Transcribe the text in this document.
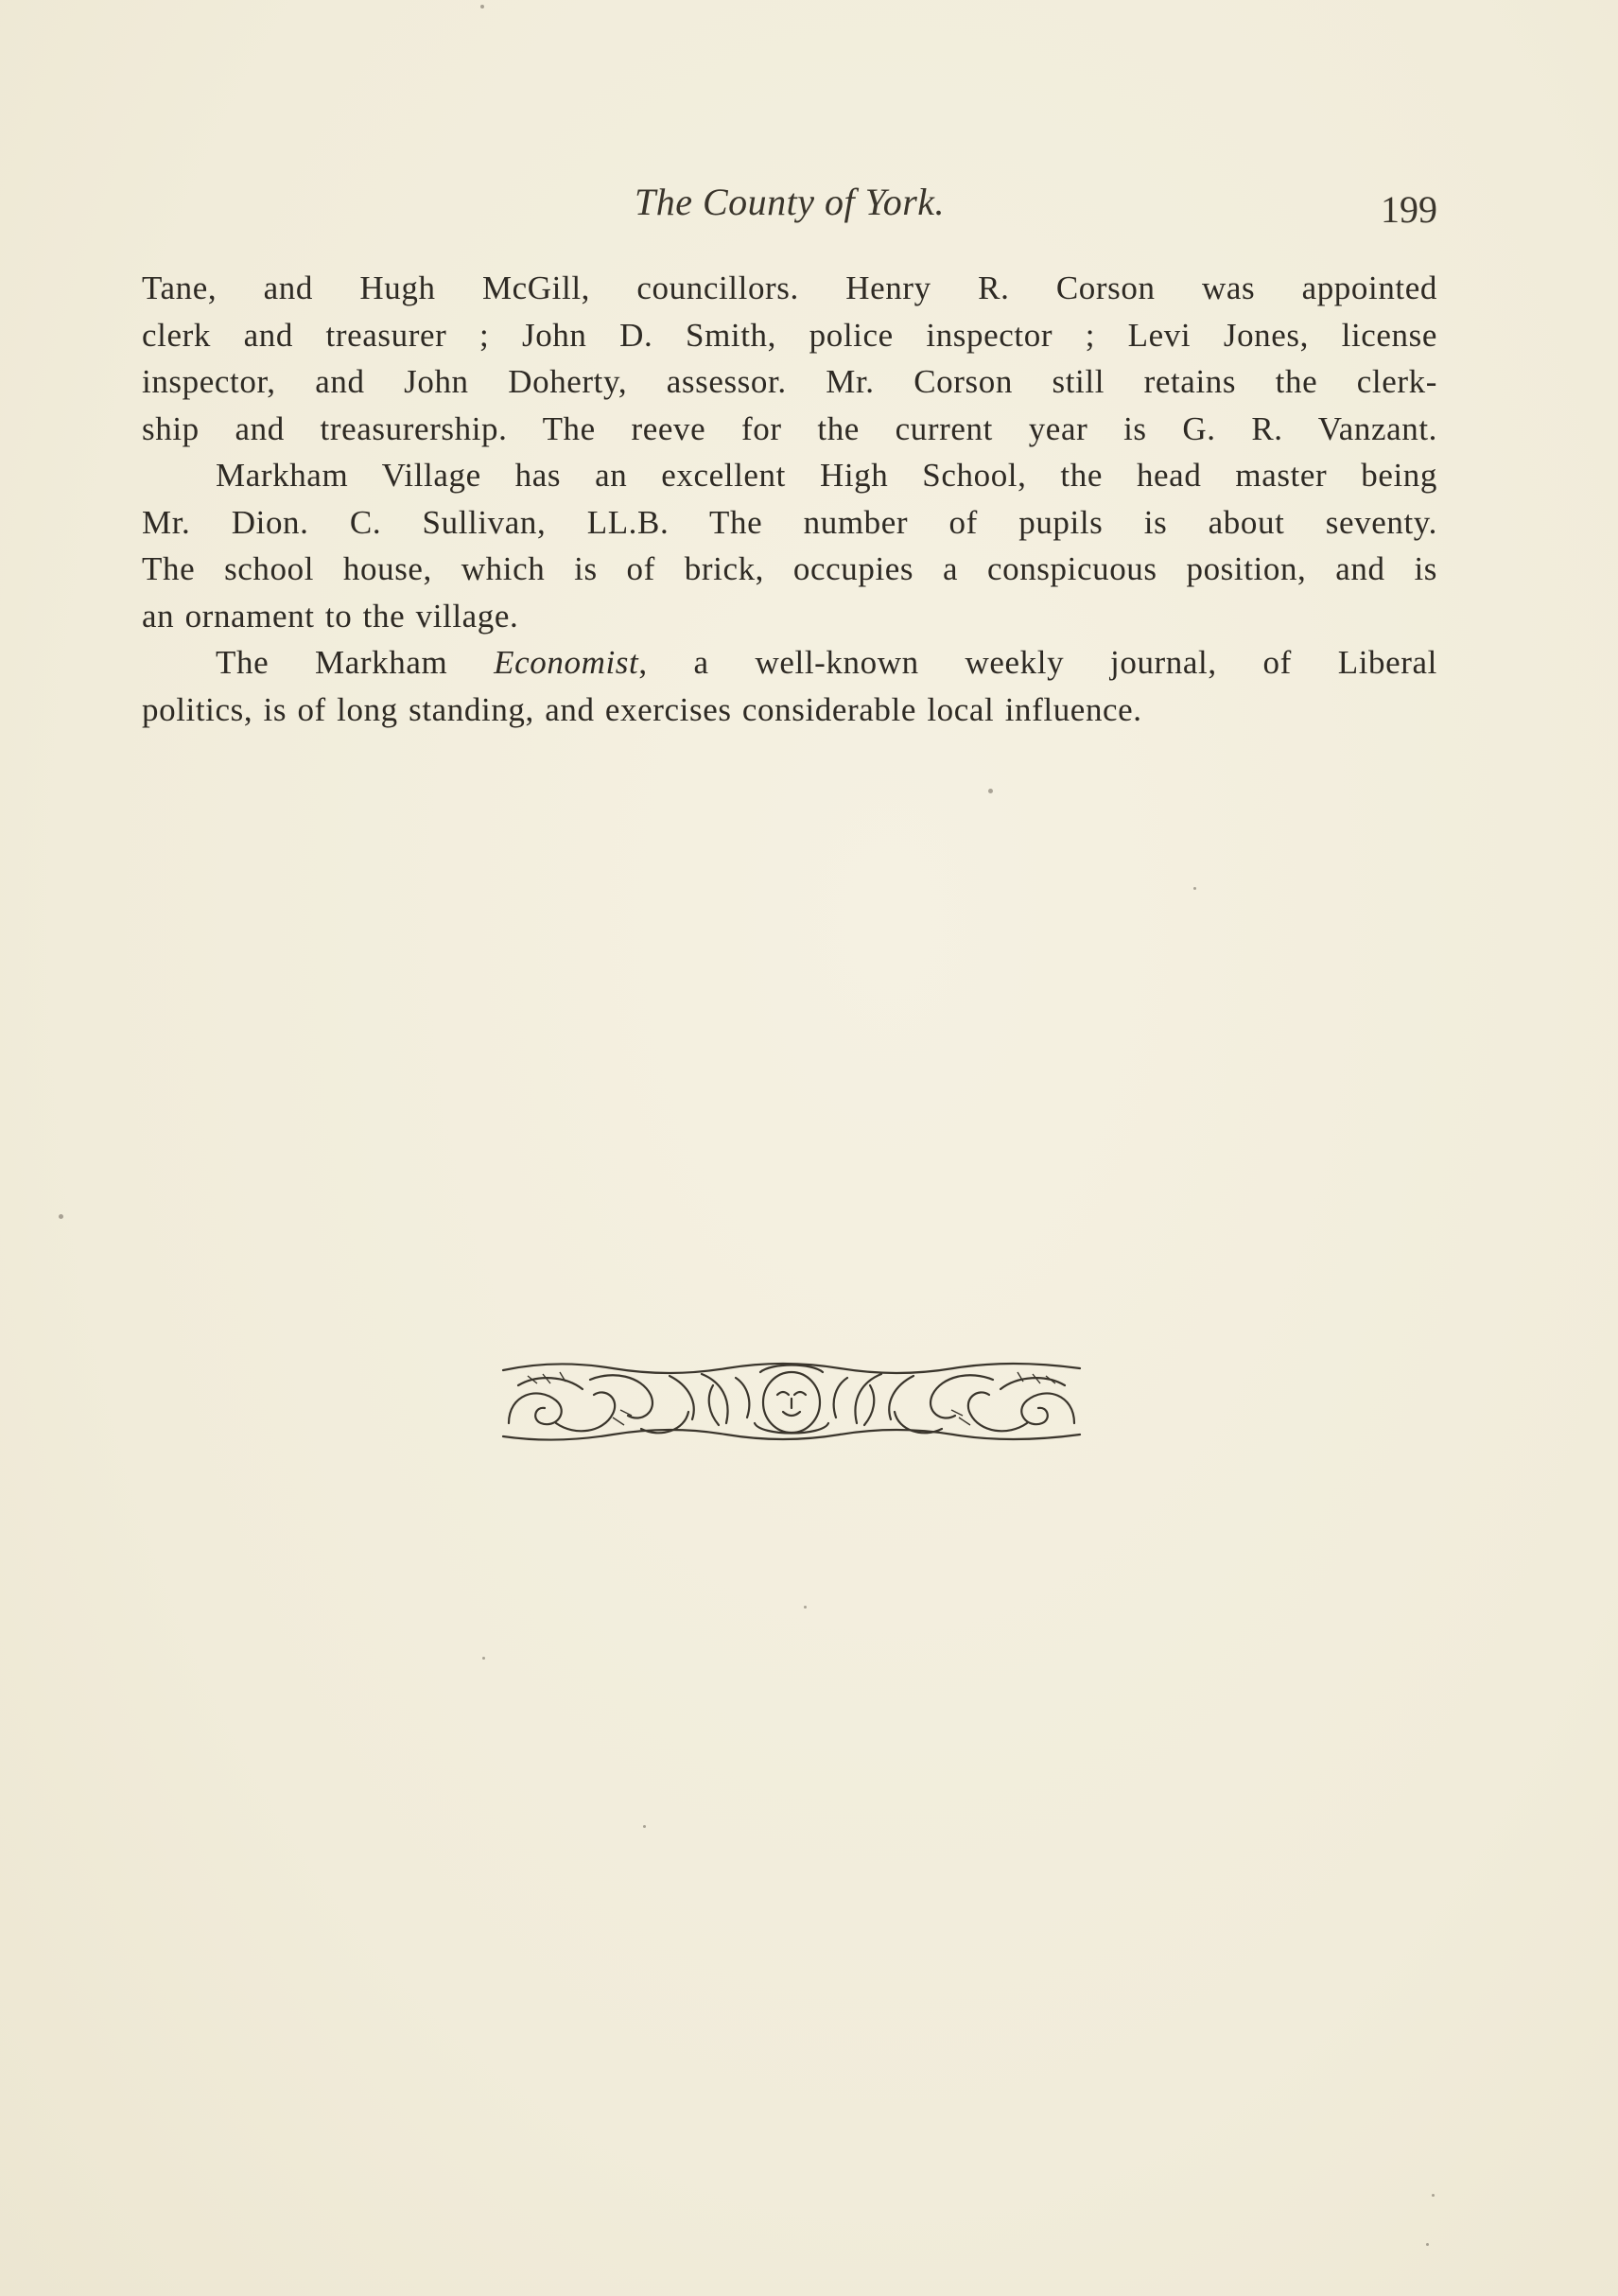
The County of York.	199

Tane, and Hugh McGill, councillors. Henry R. Corson was appointed

clerk and treasurer ; John D. Smith, police inspector ; Levi Jones, license

inspector, and John Doherty, assessor. Mr. Corson still retains the clerk-

ship and treasurership. The reeve for the current year is G. R. Vanzant.

Markham Village has an excellent High School, the head master being

Mr. Dion. C. Sullivan, LL.B. The number of pupils is about seventy.

The school house, which is of brick, occupies a conspicuous position, and is

an ornament to the village.

The Markham Economist, a well-known weekly journal, of Liberal

politics, is of long standing, and exercises considerable local influence.
